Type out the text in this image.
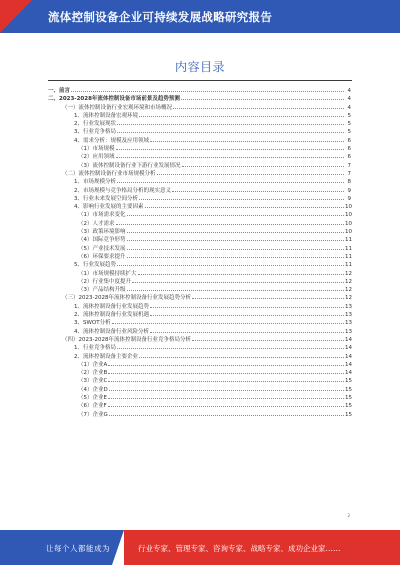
流体控制设备企业可持续发展战略研究报告
内容目录
一、前言	4
二、2023-2028年流体控制设备市场前景及趋势预测	4
（一）流体控制设备行业宏观环境和市场概况	4
1、流体控制设备宏观环境	5
2、行业发展现状	5
3、行业竞争格局	5
4、需求分析：规模及应用领域	6
（1）市场规模	6
（2）应用领域	6
（3）流体控制设备行业下游行业发展情况	7
（二）流体控制设备行业市场规模分析	7
1、市场规模分析	8
2、市场规模与竞争格局分析的现实意义	9
3、行业未来发展空间分析	9
4、影响行业发展的主要因素	10
（1）市场需求变化	10
（2）人才需求	10
（3）政策环境影响	10
（4）国际竞争形势	11
（5）产业技术发展	11
（6）环保要求提升	11
5、行业发展趋势	11
（1）市场规模持续扩大	12
（2）行业集中度提升	12
（3）产品结构升级	12
（三）2023-2028年流体控制设备行业发展趋势分析	12
1、流体控制设备行业发展趋势	13
2、流体控制设备行业发展机遇	13
3、SWOT分析	13
4、流体控制设备行业风险分析	13
（四）2023-2028年流体控制设备行业竞争格局分析	14
1、行业竞争格局	14
2、流体控制设备主要企业	14
（1）企业A	14
（2）企业B	14
（3）企业C	15
（4）企业D	15
（5）企业E	15
（6）企业F	15
（7）企业G	15
2
让每个人都能成为	行业专家、管理专家、咨询专家、战略专家、成功企业家……
